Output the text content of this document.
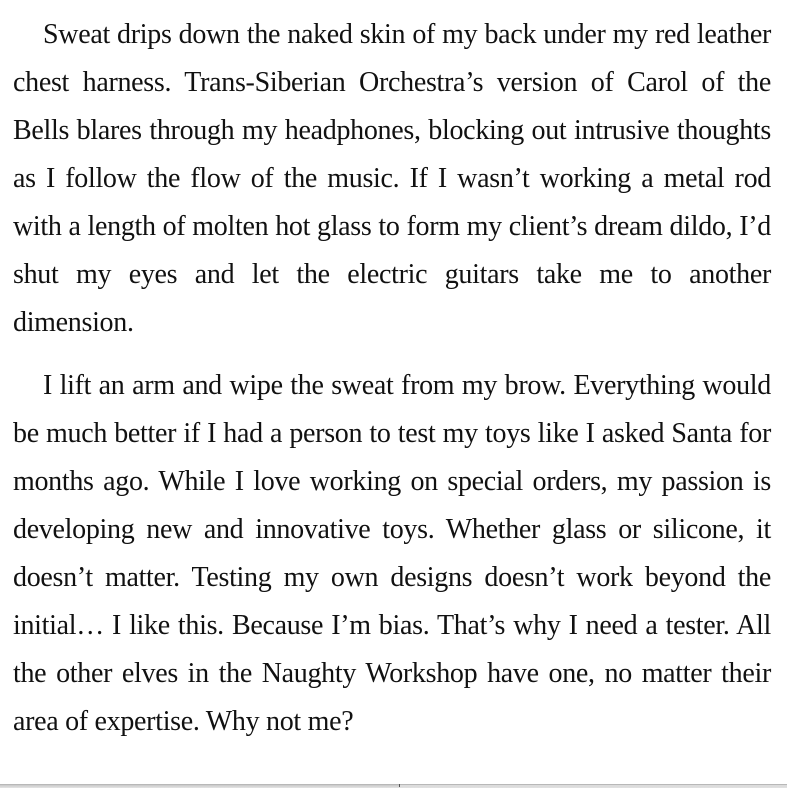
Sweat drips down the naked skin of my back under my red leather chest harness. Trans-Siberian Orchestra’s version of Carol of the Bells blares through my headphones, blocking out intrusive thoughts as I follow the flow of the music. If I wasn’t working a metal rod with a length of molten hot glass to form my client’s dream dildo, I’d shut my eyes and let the electric guitars take me to another dimension.

I lift an arm and wipe the sweat from my brow. Everything would be much better if I had a person to test my toys like I asked Santa for months ago. While I love working on special orders, my passion is developing new and innovative toys. Whether glass or silicone, it doesn’t matter. Testing my own designs doesn’t work beyond the initial… I like this. Because I’m bias. That’s why I need a tester. All the other elves in the Naughty Workshop have one, no matter their area of expertise. Why not me?
